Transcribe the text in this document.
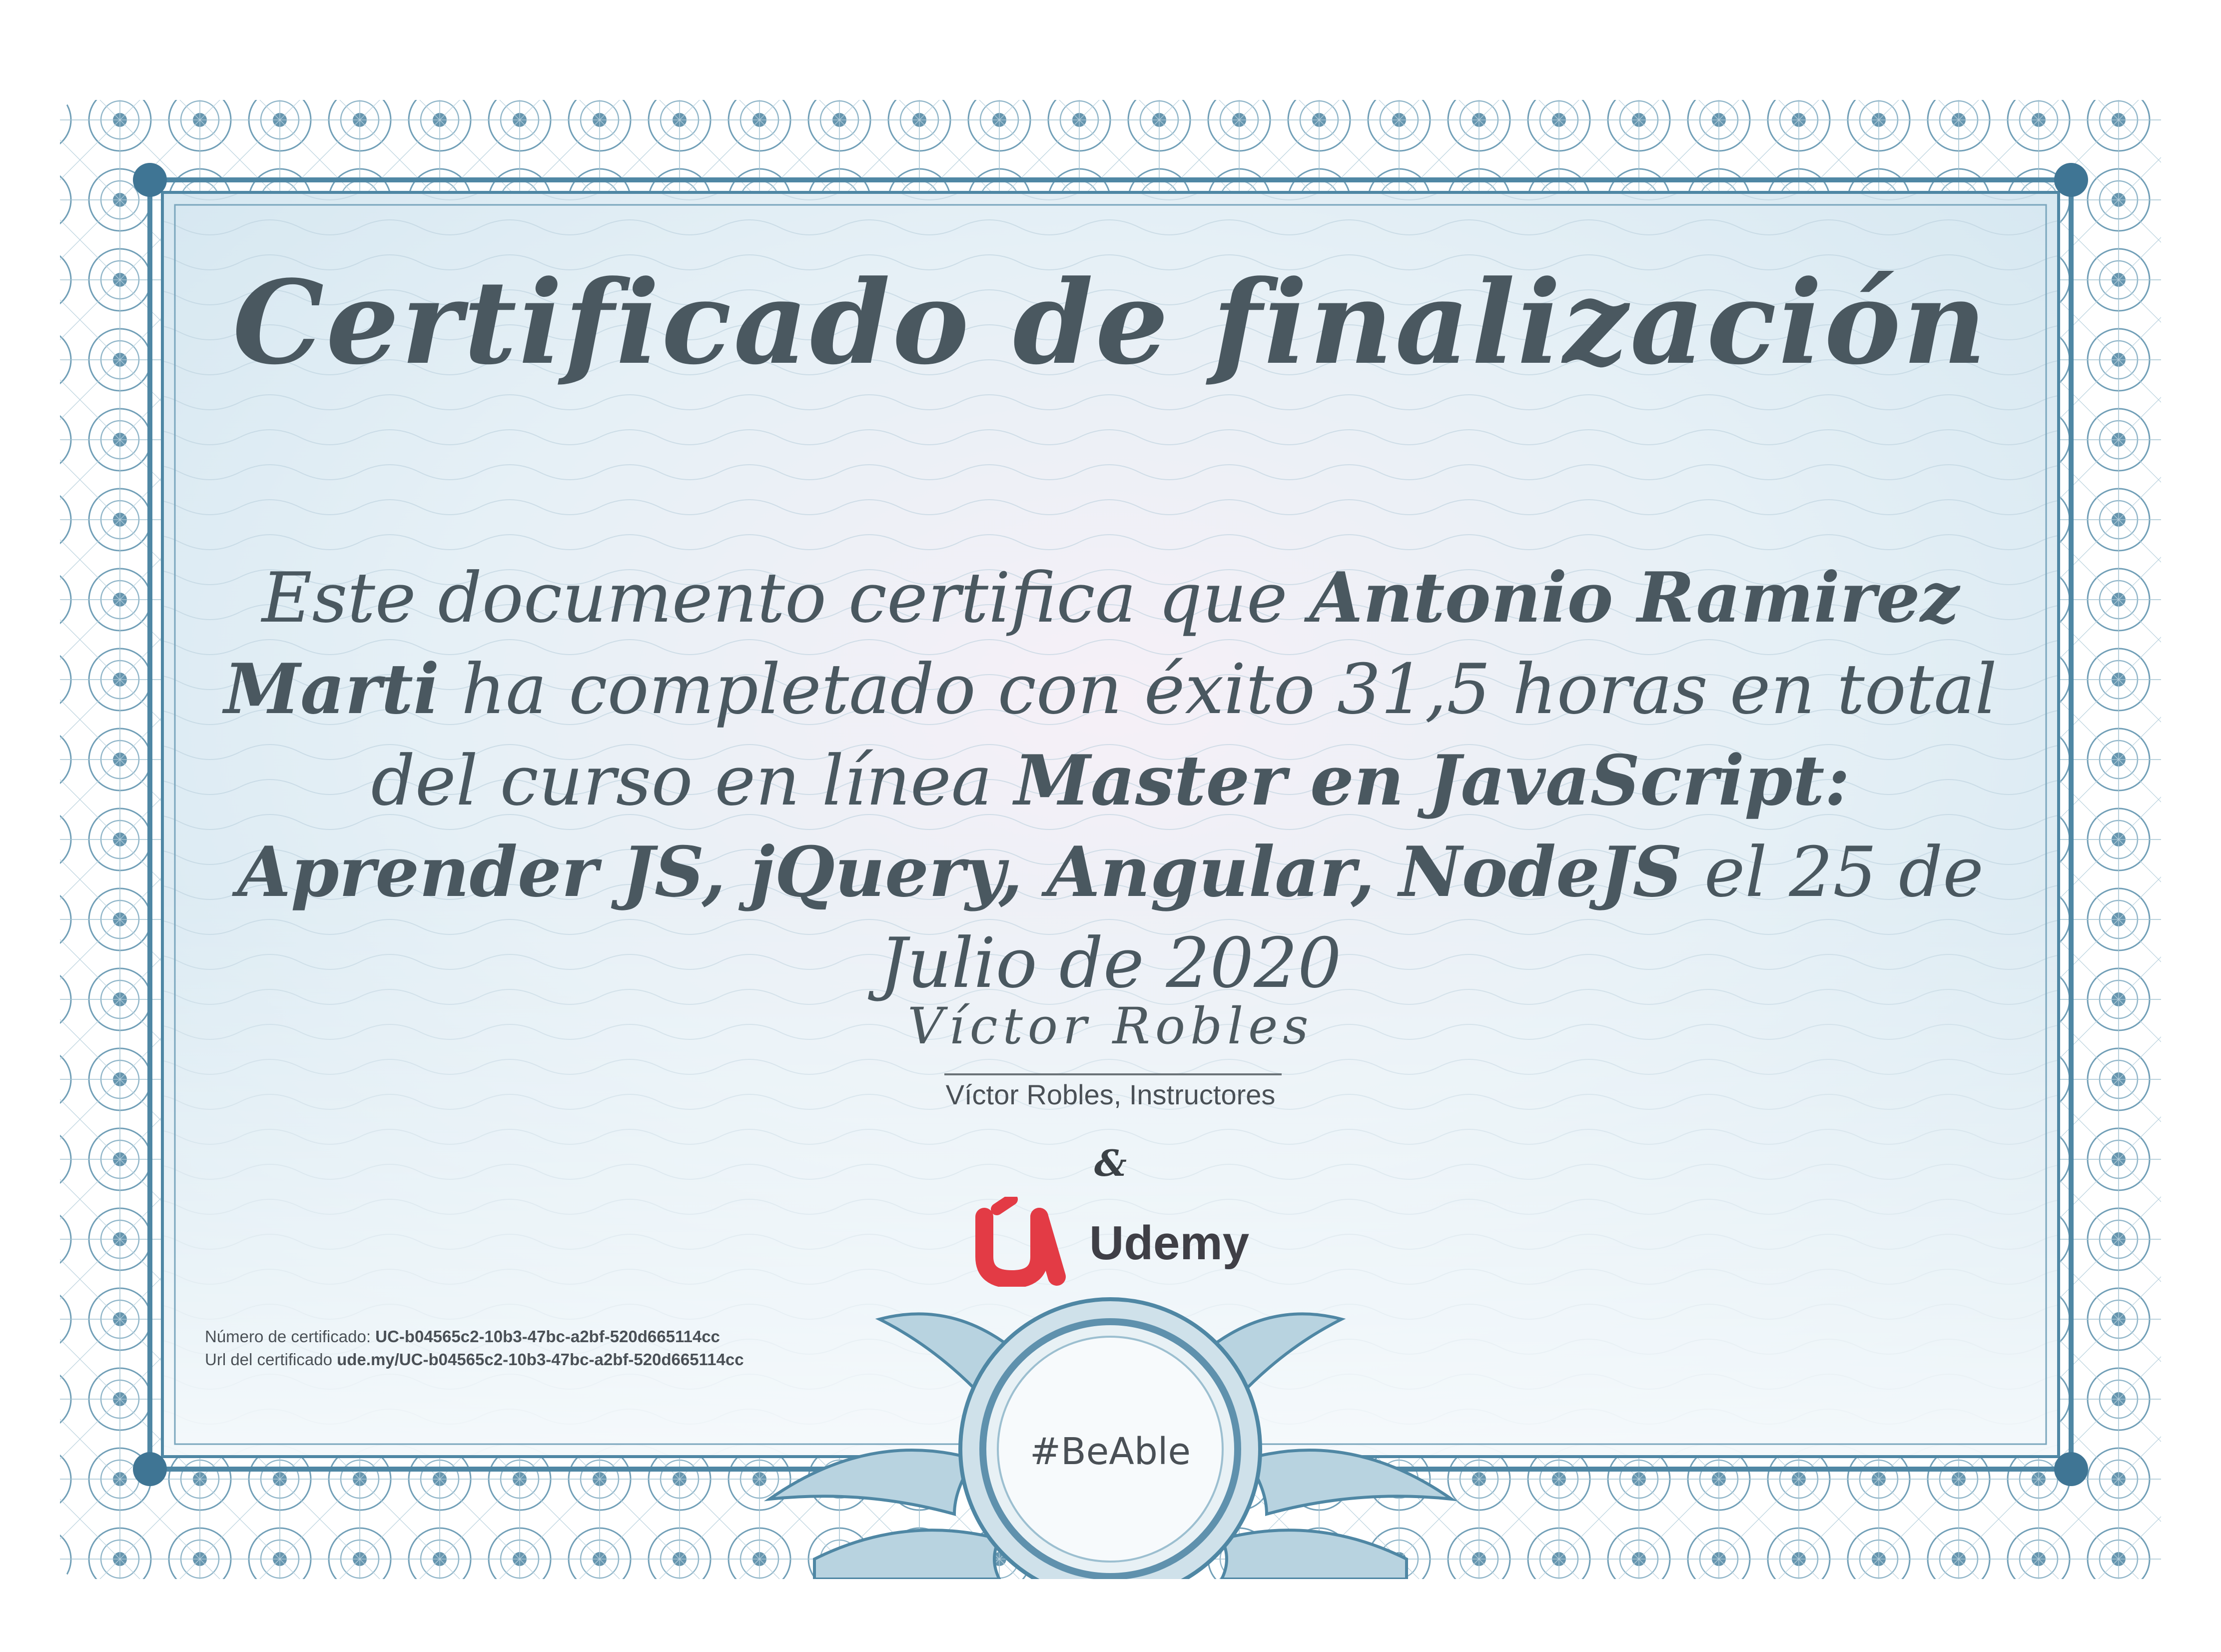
Certificado de finalización

Este documento certifica que Antonio Ramirez Marti ha completado con éxito 31,5 horas en total del curso en línea Master en JavaScript: Aprender JS, jQuery, Angular, NodeJS el 25 de Julio de 2020

Víctor Robles
Víctor Robles, Instructores
&
Udemy
Número de certificado: UC-b04565c2-10b3-47bc-a2bf-520d665114cc
Url del certificado ude.my/UC-b04565c2-10b3-47bc-a2bf-520d665114cc
#BeAble
